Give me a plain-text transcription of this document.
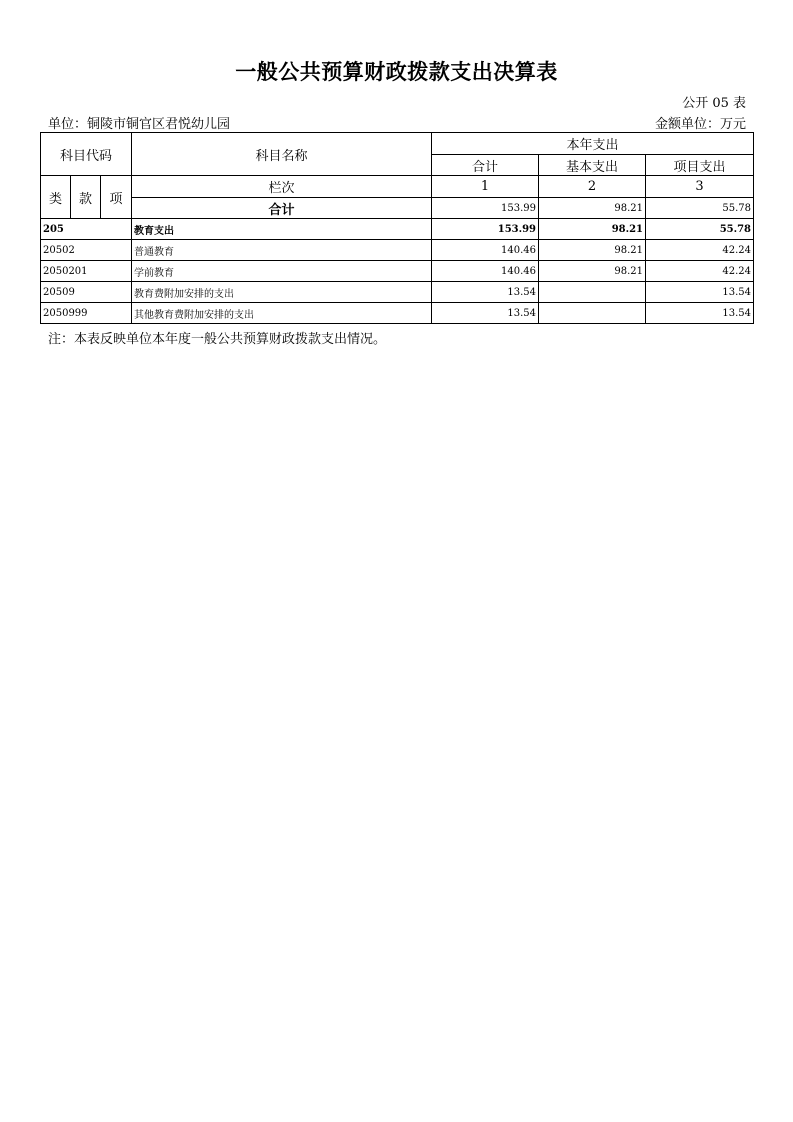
一般公共预算财政拨款支出决算表
公开 05 表
单位：铜陵市铜官区君悦幼儿园	金额单位：万元
科目代码			科目名称	本年支出		
				合计	基本支出	项目支出
类	款	项	栏次	1	2	3
			合计	153.99	98.21	55.78
205			教育支出	153.99	98.21	55.78
20502			普通教育	140.46	98.21	42.24
2050201			学前教育	140.46	98.21	42.24
20509			教育费附加安排的支出	13.54		13.54
2050999			其他教育费附加安排的支出	13.54		13.54
注：本表反映单位本年度一般公共预算财政拨款支出情况。
